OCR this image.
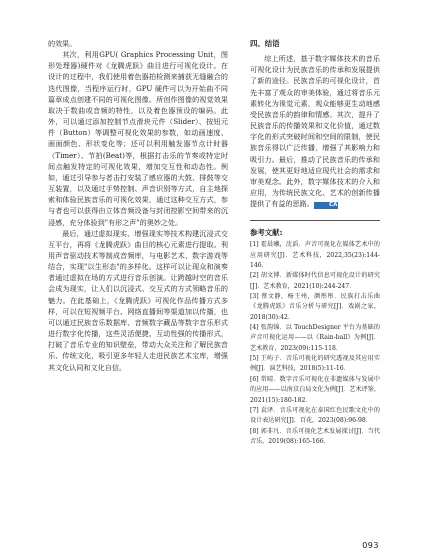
的效果。

其次，利用GPU( Graphics Processing Unit，图形处理器)硬件对《龙腾虎跃》曲目进行可视化设计。在设计的过程中，我们使用着色器拍检测来捕获无缝融合的迭代图像，当程序运行时，GPU 硬件可以为开始曲不同篇章成点创建不同的可视化图像。所创作图像的视觉效果取决于数曲或音频的特性，以及着色器预设的编码。此外，可以通过添加控制节点滑块元件（Slider）、按钮元件（Button）等调整可视化效果的参数，如动画速度、画面颜色、形状变化等；还可以利用触发器节点计时器（Timer）、节拍(Beat)等，根据打击乐的节奏或特定时间点触发特定的可视化效果，增加交互性和动态性。例如，通过引导参与者击打安装了感应器的大鼓、排鼓等交互装置，以及通过手势控制、声音识别等方式，自主地探索和体验民族音乐的可视化效果，通过这种交互方式，参与者也可以获得由立体音频设备与封闭控影空间带来的沉浸感，充分体验到"有形之声"的奥妙之处。

最后，通过虚拟现实、增强现实等技术构建沉浸式交互平台，再将《龙腾虎跃》曲目的核心元素进行提取。利用声音驱动技术等制成音频库，与电影艺术、数字游戏等结合，实现"以生形态"的多样化。这样可以让现众和演奏者通过虚拟在场的方式进行音乐创演。让跨越时空的音乐会成为现实，让人们以沉浸式、交互式的方式领略音乐的魅力。在此基础上，《龙腾虎跃》可视化作品传播方式多样，可以在短视频平台、网络直播间等渠道加以传播，也可以通过民族音乐数据库、音频数字藏品等数字音乐形式进行数字化传播，这些灵活便捷、互动性强的传播形式，打破了音乐专业的知识壁垒，带动大众关注和了解民族音乐、传统文化，吸引更多年轻人走进民族艺术宝库，增强其文化认同和文化自信。

四、结语

综上所述，基于数字媒体技术的音乐可视化设计为民族音乐的传承和发展提供了新的途径。民族音乐的可视化设计，首先丰富了观众的审美体验，通过将音乐元素转化为视觉元素，观众能够更生动地感受民族音乐的韵律和情感。其次，提升了民族音乐的传播效果和文化价值，通过数字化的形式突破时间和空间的限制，使民族音乐得以广泛传播，增强了其影响力和吸引力。最后，推动了民族音乐的传承和发展，使其更好地适应现代社会的需求和审美观念。此外，数字媒体技术的介入和应用，为传统民族文化、艺术的创新传播提供了有益的思路。	CA

参考文献:
[1] 霍晨曦，沈滔．声音可视化在媒体艺术中的应用研究[J]．艺术科技，2022,35(23):144-146．
[2] 胡文博．新媒体时代信息可视化设计的研究[J]．艺术教育，2021(10):244-247．
[3] 蔡文静，杨王州，颜彤彤．民族打击乐曲《龙腾虎跃》音乐分析与研究[J]．戏剧之家，2018(30):42．
[4] 张韵锦．以 TouchDesigner 平台为基础的声音可视化运用——以《Rain-ball》为例[J]．艺术教育，2023(09):115-118．
[5] 王屿子．音乐可视化的研究透视及其应用实例[J]．演艺科技，2018(5):11-16．
[6] 常晴．数字音乐可视化在非遗媒体与发展中的应用——以南京白局文化为例[J]．艺术评鉴，2021(15):180-182．
[7] 袁泽．音乐可视化在泰国红色民歌文化中的设计表达研究[J]．百花，2023(08):96-98．
[8] 郭非凡．音乐可视化艺术发展探讨[J]．当代音乐，2019(08):165-166．
093
